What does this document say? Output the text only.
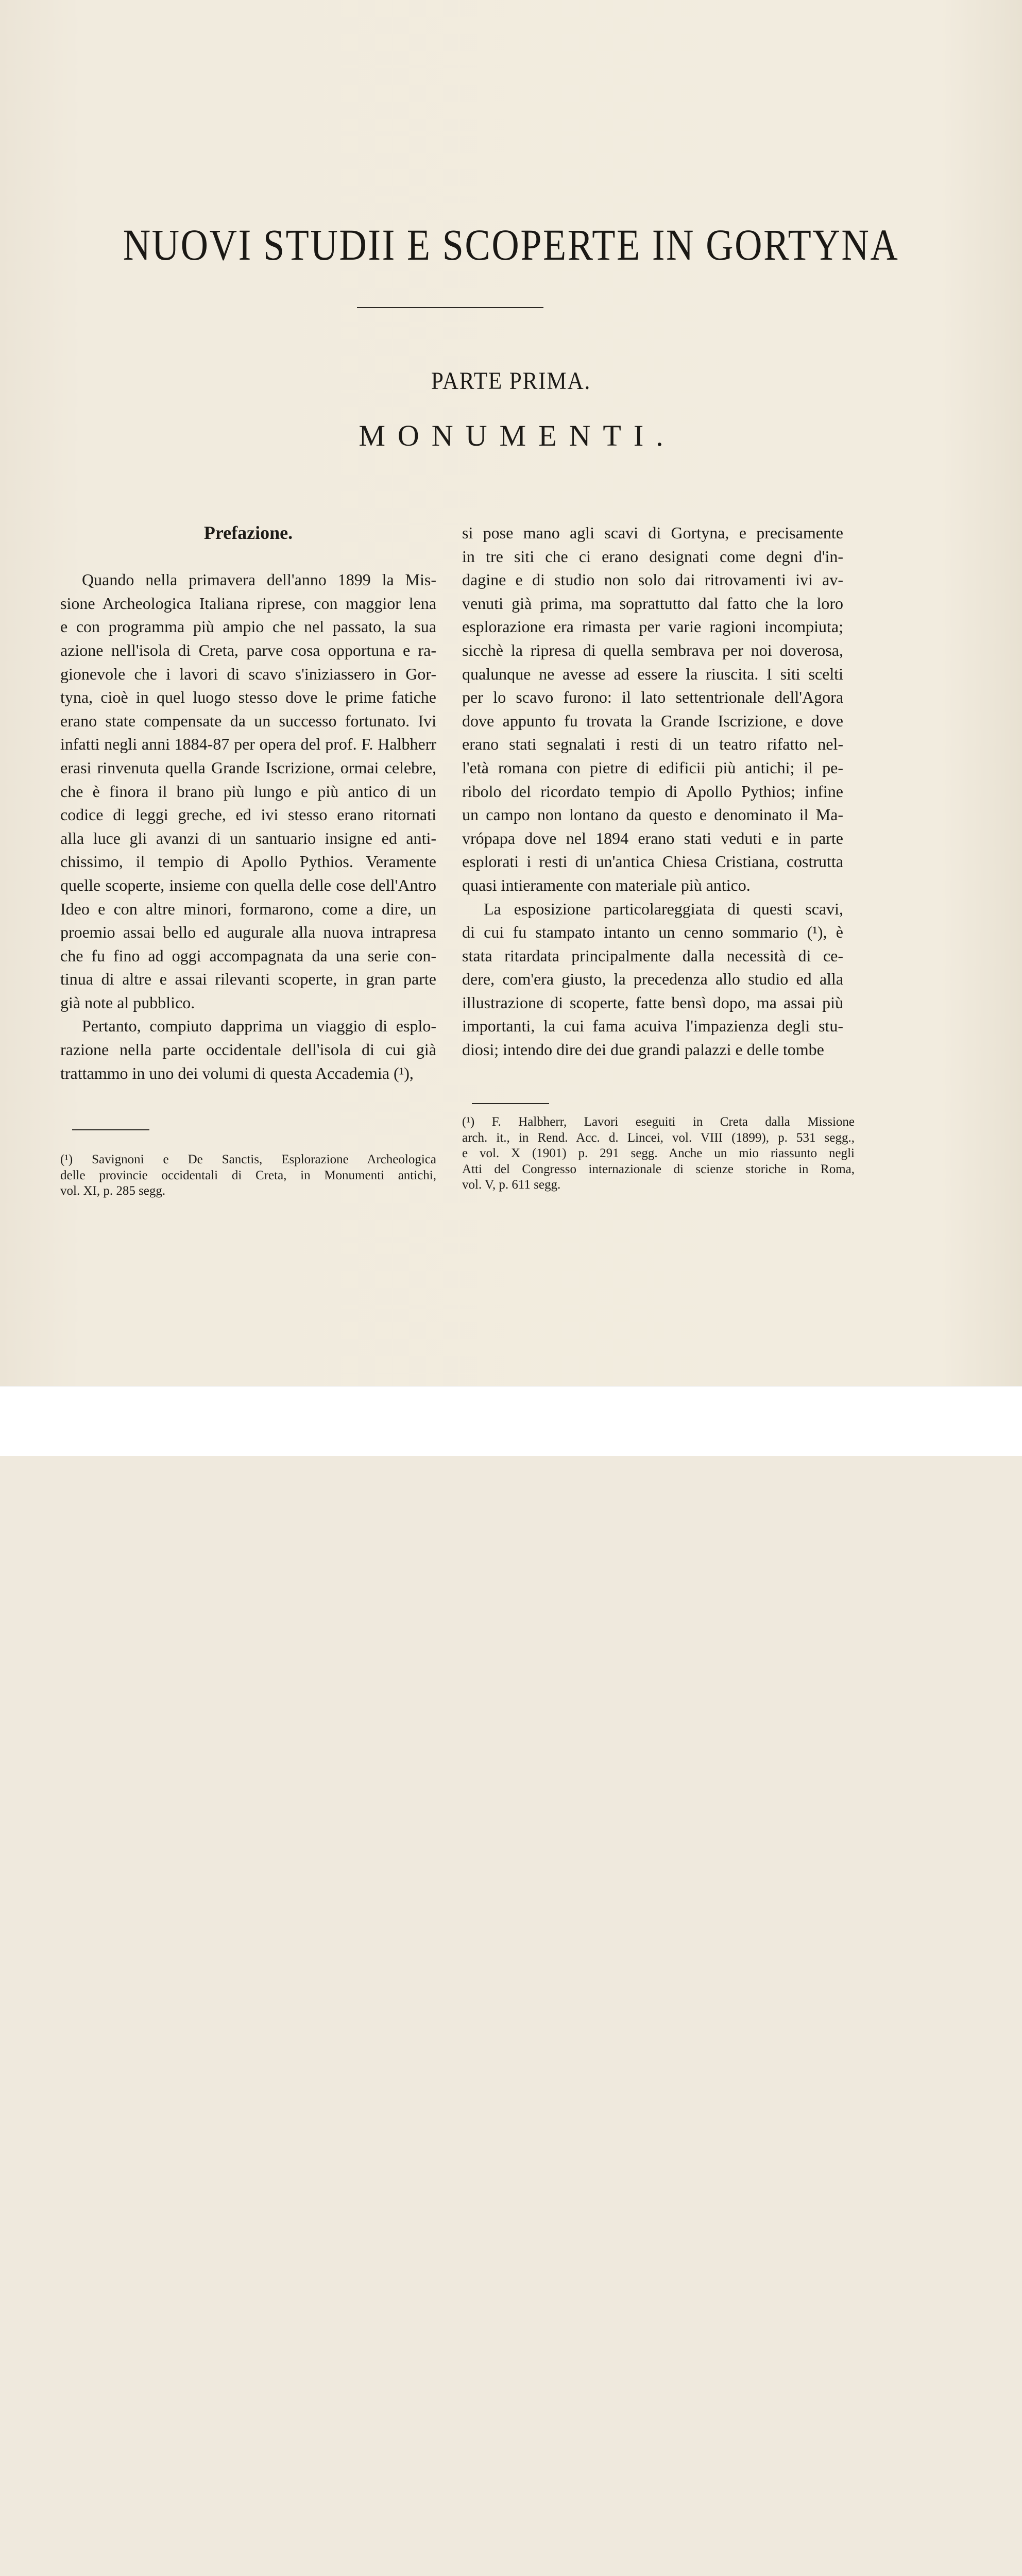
NUOVI STUDII E SCOPERTE IN GORTYNA
PARTE PRIMA.
MONUMENTI.
Prefazione.
Quando nella primavera dell'anno 1899 la Mis-
sione Archeologica Italiana riprese, con maggior lena
e con programma più ampio che nel passato, la sua
azione nell'isola di Creta, parve cosa opportuna e ra-
gionevole che i lavori di scavo s'iniziassero in Gor-
tyna, cioè in quel luogo stesso dove le prime fatiche
erano state compensate da un successo fortunato. Ivi
infatti negli anni 1884-87 per opera del prof. F. Halbherr
erasi rinvenuta quella Grande Iscrizione, ormai celebre,
che è finora il brano più lungo e più antico di un
codice di leggi greche, ed ivi stesso erano ritornati
alla luce gli avanzi di un santuario insigne ed anti-
chissimo, il tempio di Apollo Pythios. Veramente
quelle scoperte, insieme con quella delle cose dell'Antro
Ideo e con altre minori, formarono, come a dire, un
proemio assai bello ed augurale alla nuova intrapresa
che fu fino ad oggi accompagnata da una serie con-
tinua di altre e assai rilevanti scoperte, in gran parte
già note al pubblico.
Pertanto, compiuto dapprima un viaggio di esplo-
razione nella parte occidentale dell'isola di cui già
trattammo in uno dei volumi di questa Accademia (¹),
si pose mano agli scavi di Gortyna, e precisamente
in tre siti che ci erano designati come degni d'in-
dagine e di studio non solo dai ritrovamenti ivi av-
venuti già prima, ma soprattutto dal fatto che la loro
esplorazione era rimasta per varie ragioni incompiuta;
sicchè la ripresa di quella sembrava per noi doverosa,
qualunque ne avesse ad essere la riuscita. I siti scelti
per lo scavo furono: il lato settentrionale dell'Agora
dove appunto fu trovata la Grande Iscrizione, e dove
erano stati segnalati i resti di un teatro rifatto nel-
l'età romana con pietre di edificii più antichi; il pe-
ribolo del ricordato tempio di Apollo Pythios; infine
un campo non lontano da questo e denominato il Ma-
vrópapa dove nel 1894 erano stati veduti e in parte
esplorati i resti di un'antica Chiesa Cristiana, costrutta
quasi intieramente con materiale più antico.
La esposizione particolareggiata di questi scavi,
di cui fu stampato intanto un cenno sommario (¹), è
stata ritardata principalmente dalla necessità di ce-
dere, com'era giusto, la precedenza allo studio ed alla
illustrazione di scoperte, fatte bensì dopo, ma assai più
importanti, la cui fama acuiva l'impazienza degli stu-
diosi; intendo dire dei due grandi palazzi e delle tombe
(¹) Savignoni e De Sanctis, Esplorazione Archeologica
delle provincie occidentali di Creta, in Monumenti antichi,
vol. XI, p. 285 segg.
(¹) F. Halbherr, Lavori eseguiti in Creta dalla Missione
arch. it., in Rend. Acc. d. Lincei, vol. VIII (1899), p. 531 segg.,
e vol. X (1901) p. 291 segg. Anche un mio riassunto negli
Atti del Congresso internazionale di scienze storiche in Roma,
vol. V, p. 611 segg.
